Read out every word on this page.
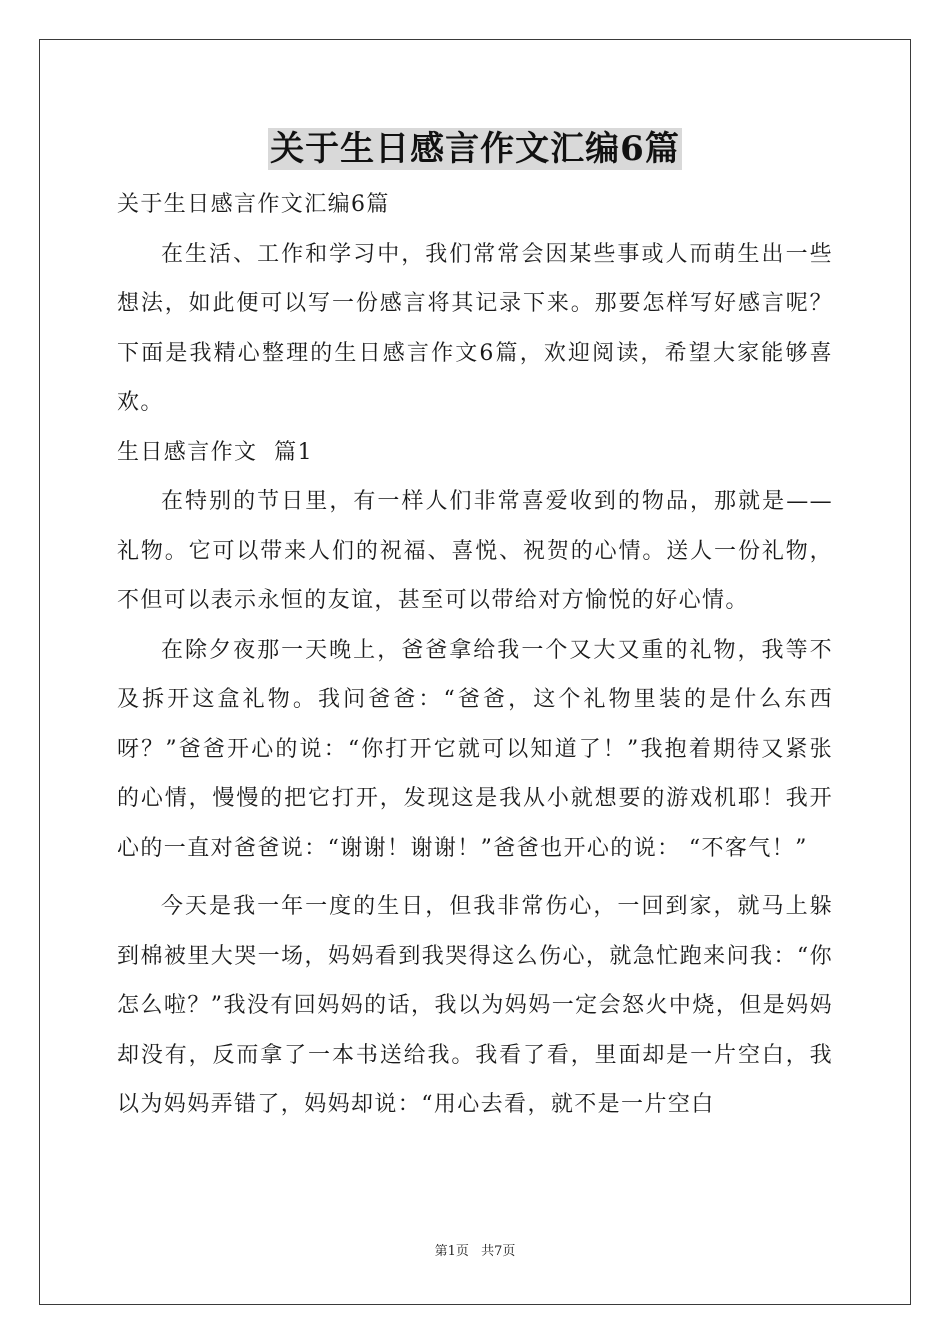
关于生日感言作文汇编6篇

关于生日感言作文汇编6篇

在生活、工作和学习中，我们常常会因某些事或人而萌生出一些想法，如此便可以写一份感言将其记录下来。那要怎样写好感言呢？下面是我精心整理的生日感言作文6篇，欢迎阅读，希望大家能够喜欢。

生日感言作文  篇1

在特别的节日里，有一样人们非常喜爱收到的物品，那就是——礼物。它可以带来人们的祝福、喜悦、祝贺的心情。送人一份礼物，不但可以表示永恒的友谊，甚至可以带给对方愉悦的好心情。

在除夕夜那一天晚上，爸爸拿给我一个又大又重的礼物，我等不及拆开这盒礼物。我问爸爸：“爸爸，这个礼物里装的是什么东西呀？”爸爸开心的说：“你打开它就可以知道了！”我抱着期待又紧张的心情，慢慢的把它打开，发现这是我从小就想要的游戏机耶！我开心的一直对爸爸说：“谢谢！谢谢！”爸爸也开心的说： “不客气！”

今天是我一年一度的生日，但我非常伤心，一回到家，就马上躲到棉被里大哭一场，妈妈看到我哭得这么伤心，就急忙跑来问我：“你怎么啦？”我没有回妈妈的话，我以为妈妈一定会怒火中烧，但是妈妈却没有，反而拿了一本书送给我。我看了看，里面却是一片空白，我以为妈妈弄错了，妈妈却说：“用心去看，就不是一片空白

第1页 共7页
